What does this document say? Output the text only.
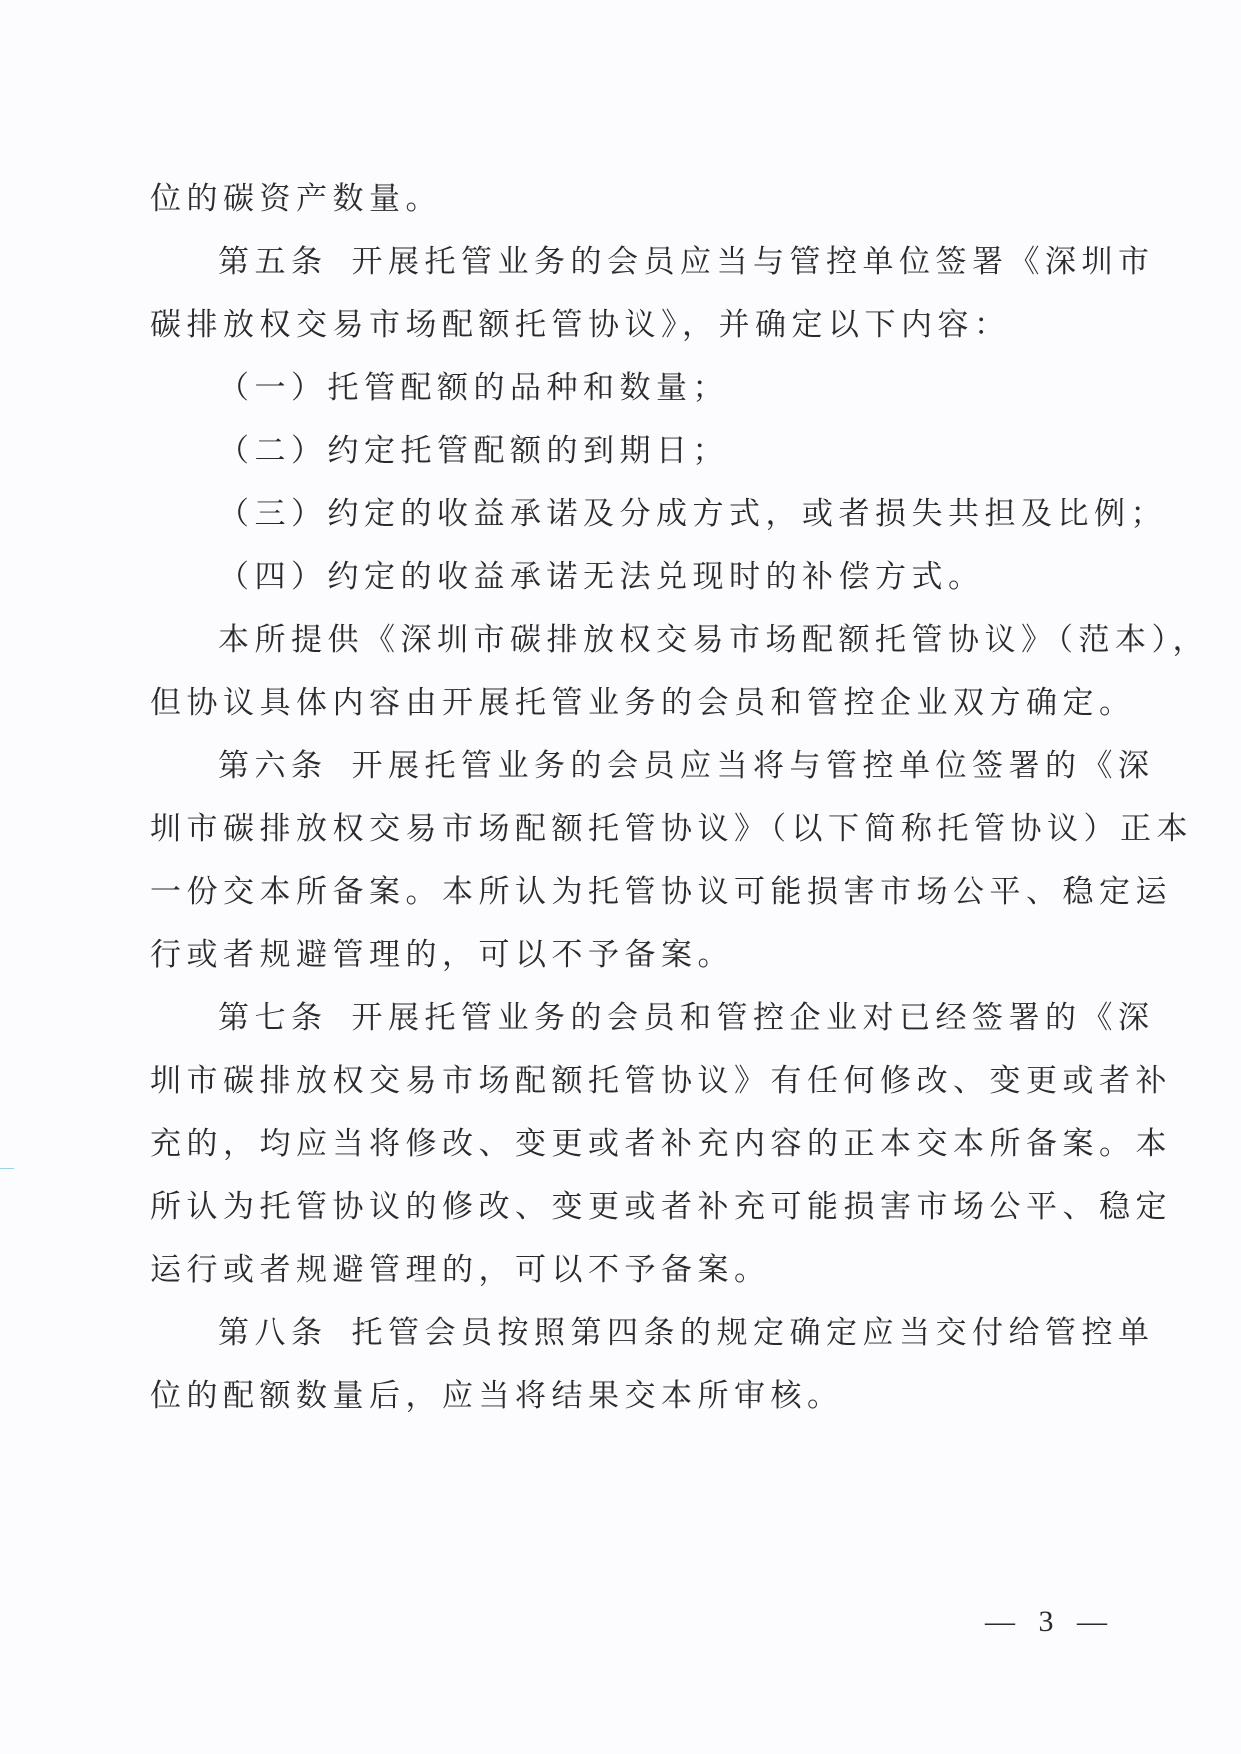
位的碳资产数量。
第五条 开展托管业务的会员应当与管控单位签署《深圳市
碳排放权交易市场配额托管协议》，并确定以下内容：
（一）托管配额的品种和数量；
（二）约定托管配额的到期日；
（三）约定的收益承诺及分成方式，或者损失共担及比例；
（四）约定的收益承诺无法兑现时的补偿方式。
本所提供《深圳市碳排放权交易市场配额托管协议》（范本），
但协议具体内容由开展托管业务的会员和管控企业双方确定。
第六条 开展托管业务的会员应当将与管控单位签署的《深
圳市碳排放权交易市场配额托管协议》（以下简称托管协议）正本
一份交本所备案。本所认为托管协议可能损害市场公平、稳定运
行或者规避管理的，可以不予备案。
第七条 开展托管业务的会员和管控企业对已经签署的《深
圳市碳排放权交易市场配额托管协议》有任何修改、变更或者补
充的，均应当将修改、变更或者补充内容的正本交本所备案。本
所认为托管协议的修改、变更或者补充可能损害市场公平、稳定
运行或者规避管理的，可以不予备案。
第八条 托管会员按照第四条的规定确定应当交付给管控单
位的配额数量后，应当将结果交本所审核。
— 3 —
